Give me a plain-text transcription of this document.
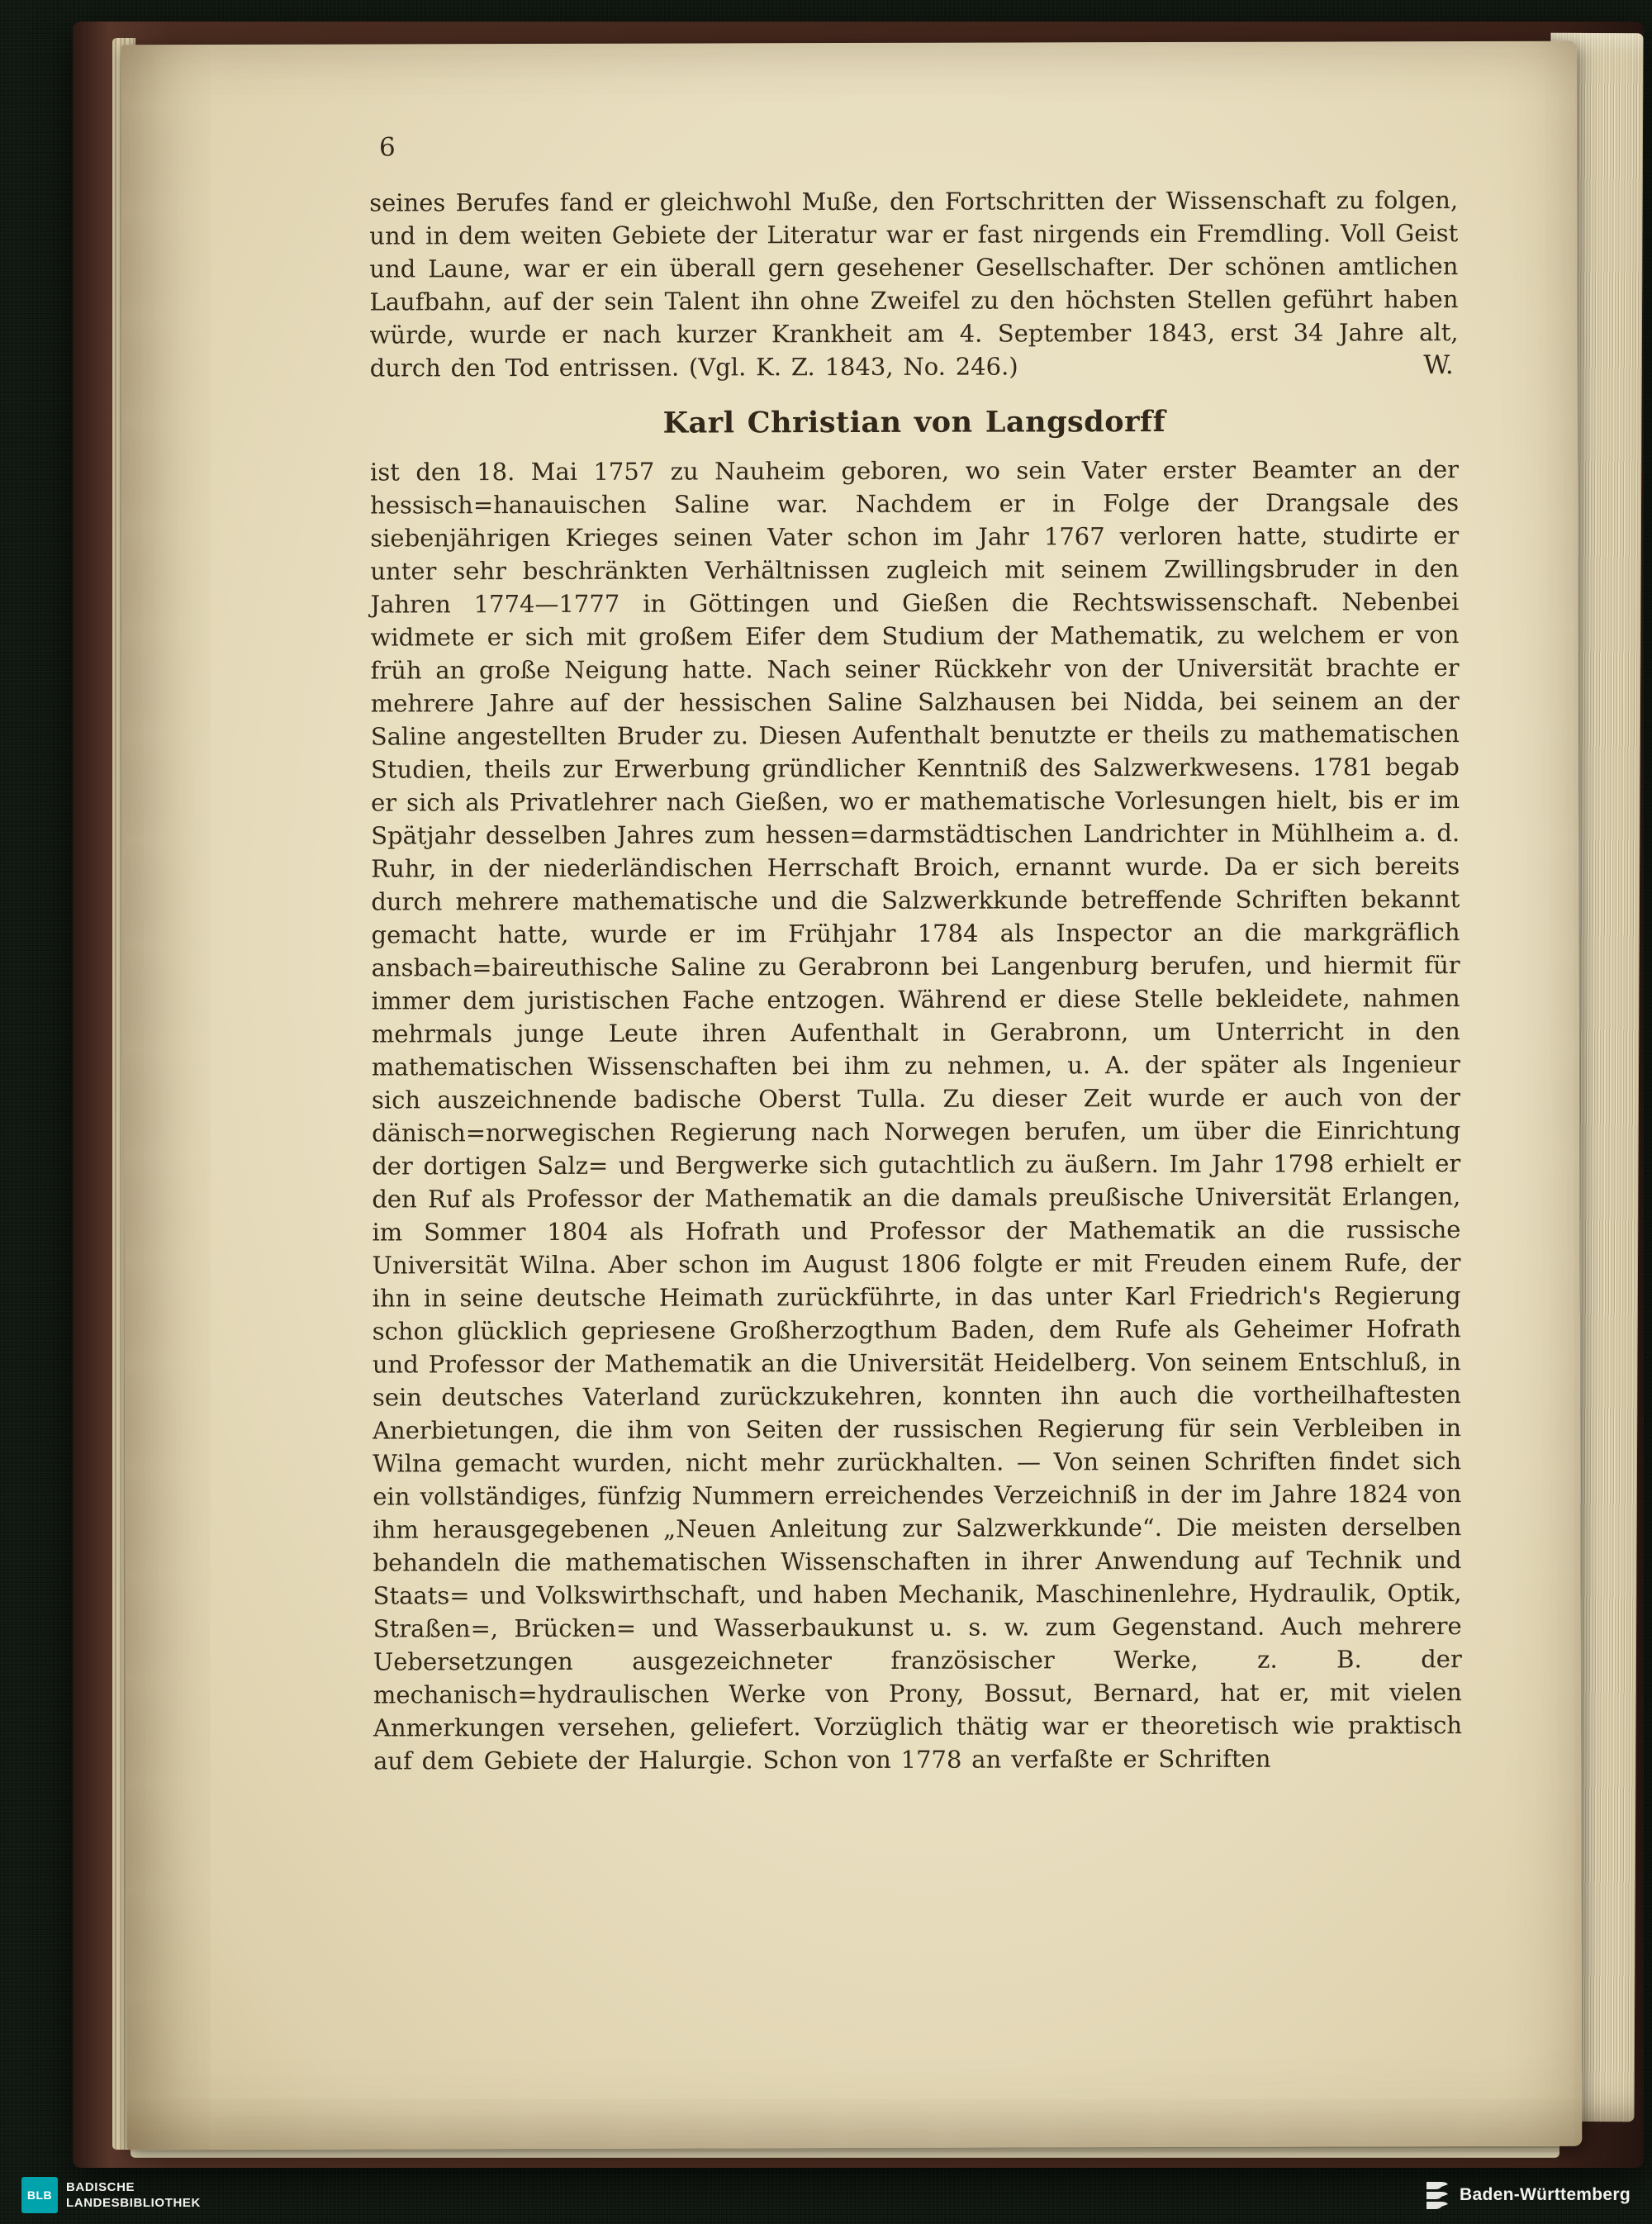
6

seines Berufes fand er gleichwohl Muße, den Fortschritten der Wissenschaft zu folgen, und in dem weiten Gebiete der Literatur war er fast nirgends ein Fremdling. Voll Geist und Laune, war er ein überall gern gesehener Gesellschafter. Der schönen amtlichen Laufbahn, auf der sein Talent ihn ohne Zweifel zu den höchsten Stellen geführt haben würde, wurde er nach kurzer Krankheit am 4. September 1843, erst 34 Jahre alt, durch den Tod entrissen. (Vgl. K. Z. 1843, No. 246.)	W.
Karl Christian von Langsdorff

ist den 18. Mai 1757 zu Nauheim geboren, wo sein Vater erster Beamter an der hessisch=hanauischen Saline war. Nachdem er in Folge der Drangsale des siebenjährigen Krieges seinen Vater schon im Jahr 1767 verloren hatte, studirte er unter sehr beschränkten Verhältnissen zugleich mit seinem Zwillingsbruder in den Jahren 1774—1777 in Göttingen und Gießen die Rechtswissenschaft. Nebenbei widmete er sich mit großem Eifer dem Studium der Mathematik, zu welchem er von früh an große Neigung hatte. Nach seiner Rückkehr von der Universität brachte er mehrere Jahre auf der hessischen Saline Salzhausen bei Nidda, bei seinem an der Saline angestellten Bruder zu. Diesen Aufenthalt benutzte er theils zu mathematischen Studien, theils zur Erwerbung gründlicher Kenntniß des Salzwerkwesens. 1781 begab er sich als Privatlehrer nach Gießen, wo er mathematische Vorlesungen hielt, bis er im Spätjahr desselben Jahres zum hessen=darmstädtischen Landrichter in Mühlheim a. d. Ruhr, in der niederländischen Herrschaft Broich, ernannt wurde. Da er sich bereits durch mehrere mathematische und die Salzwerkkunde betreffende Schriften bekannt gemacht hatte, wurde er im Frühjahr 1784 als Inspector an die markgräflich ansbach=baireuthische Saline zu Gerabronn bei Langenburg berufen, und hiermit für immer dem juristischen Fache entzogen. Während er diese Stelle bekleidete, nahmen mehrmals junge Leute ihren Aufenthalt in Gerabronn, um Unterricht in den mathematischen Wissenschaften bei ihm zu nehmen, u. A. der später als Ingenieur sich auszeichnende badische Oberst Tulla. Zu dieser Zeit wurde er auch von der dänisch=norwegischen Regierung nach Norwegen berufen, um über die Einrichtung der dortigen Salz= und Bergwerke sich gutachtlich zu äußern. Im Jahr 1798 erhielt er den Ruf als Professor der Mathematik an die damals preußische Universität Erlangen, im Sommer 1804 als Hofrath und Professor der Mathematik an die russische Universität Wilna. Aber schon im August 1806 folgte er mit Freuden einem Rufe, der ihn in seine deutsche Heimath zurückführte, in das unter Karl Friedrich's Regierung schon glücklich gepriesene Großherzogthum Baden, dem Rufe als Geheimer Hofrath und Professor der Mathematik an die Universität Heidelberg. Von seinem Entschluß, in sein deutsches Vaterland zurückzukehren, konnten ihn auch die vortheilhaftesten Anerbietungen, die ihm von Seiten der russischen Regierung für sein Verbleiben in Wilna gemacht wurden, nicht mehr zurückhalten. — Von seinen Schriften findet sich ein vollständiges, fünfzig Nummern erreichendes Verzeichniß in der im Jahre 1824 von ihm herausgegebenen „Neuen Anleitung zur Salzwerkkunde“. Die meisten derselben behandeln die mathematischen Wissenschaften in ihrer Anwendung auf Technik und Staats= und Volkswirthschaft, und haben Mechanik, Maschinenlehre, Hydraulik, Optik, Straßen=, Brücken= und Wasserbaukunst u. s. w. zum Gegenstand. Auch mehrere Uebersetzungen ausgezeichneter französischer Werke, z. B. der mechanisch=hydraulischen Werke von Prony, Bossut, Bernard, hat er, mit vielen Anmerkungen versehen, geliefert. Vorzüglich thätig war er theoretisch wie praktisch auf dem Gebiete der Halurgie. Schon von 1778 an verfaßte er Schriften

BLB
BADISCHE
LANDESBIBLIOTHEK	Baden-Württemberg
